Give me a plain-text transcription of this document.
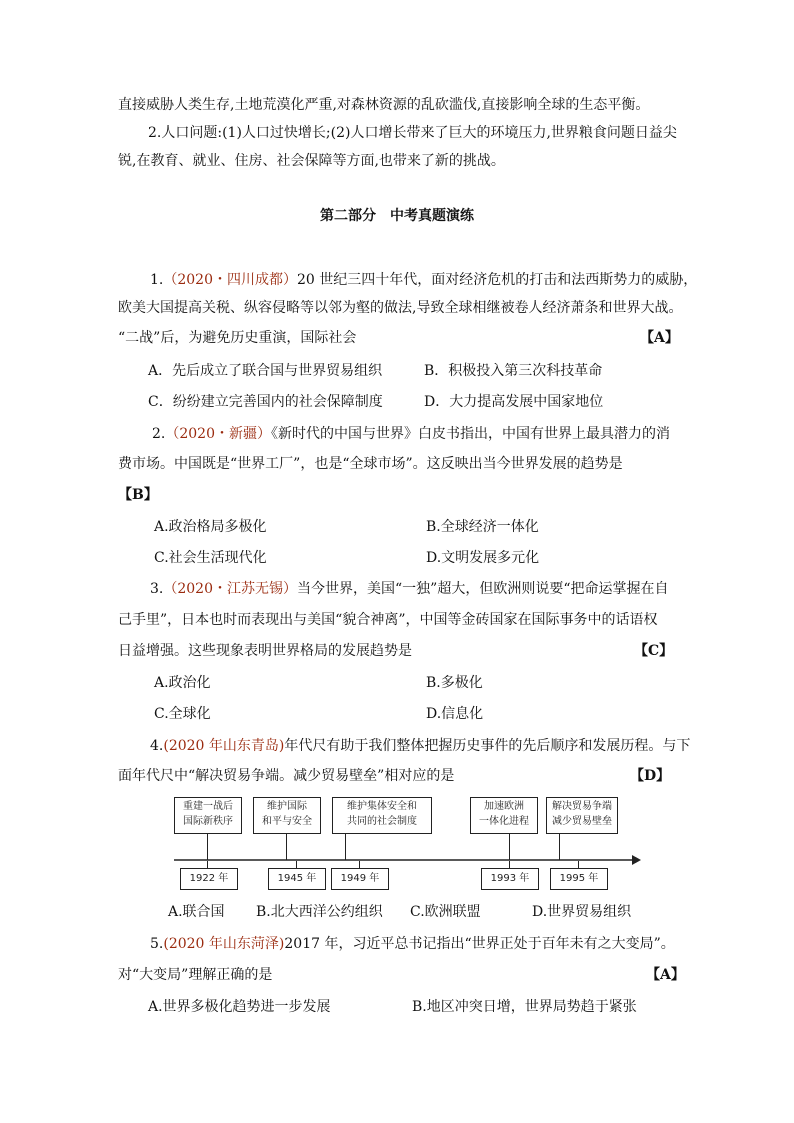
直接威胁人类生存,土地荒漠化严重,对森林资源的乱砍滥伐,直接影响全球的生态平衡。
2.人口问题:(1)人口过快增长;(2)人口增长带来了巨大的环境压力,世界粮食问题日益尖
锐,在教育、就业、住房、社会保障等方面,也带来了新的挑战。
第二部分　中考真题演练
1.（2020・四川成都）20 世纪三四十年代，面对经济危机的打击和法西斯势力的威胁，
欧美大国提高关税、纵容侵略等以邻为壑的做法,导致全球相继被卷人经济萧条和世界大战。
“二战”后，为避免历史重演，国际社会	【A】
A．先后成立了联合国与世界贸易组织	B．积极投入第三次科技革命
C．纷纷建立完善国内的社会保障制度	D．大力提高发展中国家地位
2.（2020・新疆）《新时代的中国与世界》白皮书指出，中国有世界上最具潜力的消
费市场。中国既是“世界工厂”，也是“全球市场”。这反映出当今世界发展的趋势是
【B】
A.政治格局多极化	B.全球经济一体化
C.社会生活现代化	D.文明发展多元化
3.（2020・江苏无锡）当今世界，美国“一独”超大，但欧洲则说要“把命运掌握在自
己手里”，日本也时而表现出与美国“貌合神离”，中国等金砖国家在国际事务中的话语权
日益增强。这些现象表明世界格局的发展趋势是	【C】
A.政治化	B.多极化
C.全球化	D.信息化
4.(2020 年山东青岛)年代尺有助于我们整体把握历史事件的先后顺序和发展历程。与下
面年代尺中“解决贸易争端。减少贸易壁垒”相对应的是	【D】
重建一战后
国际新秩序
维护国际
和平与安全
维护集体安全和
共同的社会制度
加速欧洲
一体化进程
解决贸易争端
减少贸易壁垒
1922 年	1945 年	1949 年	1993 年	1995 年
A.联合国 B.北大西洋公约组织 C.欧洲联盟	D.世界贸易组织
5.(2020 年山东菏泽)2017 年，习近平总书记指出“世界正处于百年未有之大变局”。
对“大变局”理解正确的是	【A】
A.世界多极化趋势进一步发展	B.地区冲突日增，世界局势趋于紧张
